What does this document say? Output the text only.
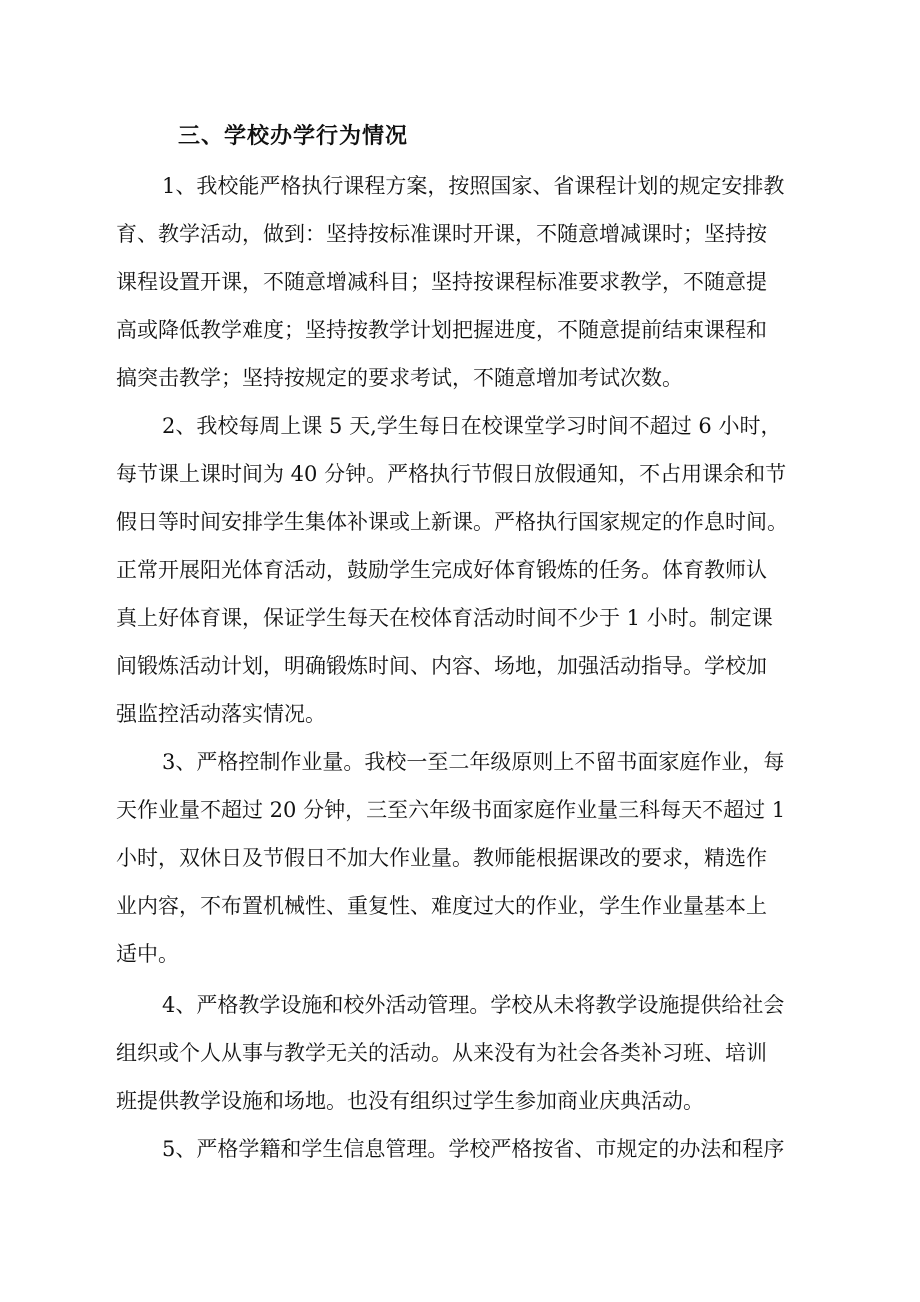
三、学校办学行为情况
1、我校能严格执行课程方案，按照国家、省课程计划的规定安排教
育、教学活动，做到：坚持按标准课时开课，不随意增减课时；坚持按
课程设置开课，不随意增减科目；坚持按课程标准要求教学，不随意提
高或降低教学难度；坚持按教学计划把握进度，不随意提前结束课程和
搞突击教学；坚持按规定的要求考试，不随意增加考试次数。
2、我校每周上课 5 天,学生每日在校课堂学习时间不超过 6 小时，
每节课上课时间为 40 分钟。严格执行节假日放假通知，不占用课余和节
假日等时间安排学生集体补课或上新课。严格执行国家规定的作息时间。
正常开展阳光体育活动，鼓励学生完成好体育锻炼的任务。体育教师认
真上好体育课，保证学生每天在校体育活动时间不少于 1 小时。制定课
间锻炼活动计划，明确锻炼时间、内容、场地，加强活动指导。学校加
强监控活动落实情况。
3、严格控制作业量。我校一至二年级原则上不留书面家庭作业，每
天作业量不超过 20 分钟，三至六年级书面家庭作业量三科每天不超过 1
小时，双休日及节假日不加大作业量。教师能根据课改的要求，精选作
业内容，不布置机械性、重复性、难度过大的作业，学生作业量基本上
适中。
4、严格教学设施和校外活动管理。学校从未将教学设施提供给社会
组织或个人从事与教学无关的活动。从来没有为社会各类补习班、培训
班提供教学设施和场地。也没有组织过学生参加商业庆典活动。
5、严格学籍和学生信息管理。学校严格按省、市规定的办法和程序
